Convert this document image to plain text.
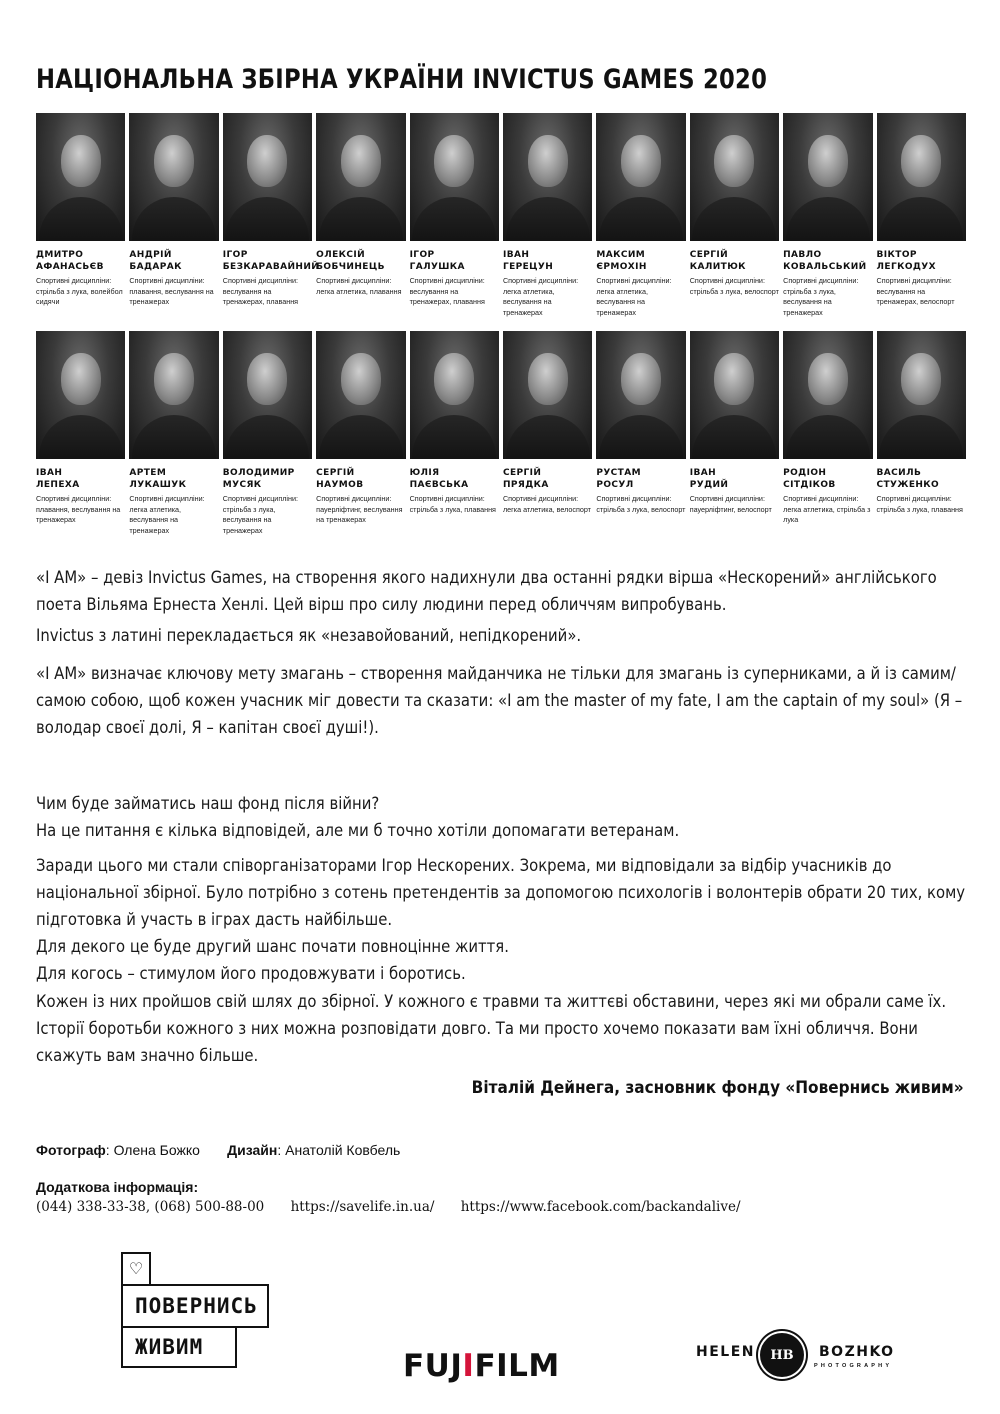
НАЦІОНАЛЬНА ЗБІРНА УКРАЇНИ INVICTUS GAMES 2020
ДМИТРО
АФАНАСЬЄВ
Спортивні дисципліни: стрільба з лука, волейбол сидячи
АНДРІЙ
БАДАРАК
Спортивні дисципліни: плавання, веслування на тренажерах
ІГОР
БЕЗКАРАВАЙНИЙ
Спортивні дисципліни: веслування на тренажерах, плавання
ОЛЕКСІЙ
БОБЧИНЕЦЬ
Спортивні дисципліни: легка атлетика, плавання
ІГОР
ГАЛУШКА
Спортивні дисципліни: веслування на тренажерах, плавання
ІВАН
ГЕРЕЦУН
Спортивні дисципліни: легка атлетика, веслування на тренажерах
МАКСИМ
ЄРМОХІН
Спортивні дисципліни: легка атлетика, веслування на тренажерах
СЕРГІЙ
КАЛИТЮК
Спортивні дисципліни: стрільба з лука, велоспорт
ПАВЛО
КОВАЛЬСЬКИЙ
Спортивні дисципліни: стрільба з лука, веслування на тренажерах
ВІКТОР
ЛЕГКОДУХ
Спортивні дисципліни: веслування на тренажерах, велоспорт
ІВАН
ЛЕПЕХА
Спортивні дисципліни: плавання, веслування на тренажерах
АРТЕМ
ЛУКАШУК
Спортивні дисципліни: легка атлетика, веслування на тренажерах
ВОЛОДИМИР
МУСЯК
Спортивні дисципліни: стрільба з лука, веслування на тренажерах
СЕРГІЙ
НАУМОВ
Спортивні дисципліни: пауерліфтинг, веслування на тренажерах
ЮЛІЯ
ПАЄВСЬКА
Спортивні дисципліни: стрільба з лука, плавання
СЕРГІЙ
ПРЯДКА
Спортивні дисципліни: легка атлетика, велоспорт
РУСТАМ
РОСУЛ
Спортивні дисципліни: стрільба з лука, велоспорт
ІВАН
РУДИЙ
Спортивні дисципліни: пауерліфтинг, велоспорт
РОДІОН
СІТДІКОВ
Спортивні дисципліни: легка атлетика, стрільба з лука
ВАСИЛЬ
СТУЖЕНКО
Спортивні дисципліни: стрільба з лука, плавання

«I AM» – девіз Invictus Games, на створення якого надихнули два останні рядки вірша «Нескорений» англійського поета Вільяма Ернеста Хенлі. Цей вірш про силу людини перед обличчям випробувань.

Invictus з латині перекладається як «незавойований, непідкорений».

«I AM» визначає ключову мету змагань – створення майданчика не тільки для змагань із суперниками, а й із самим/самою собою, щоб кожен учасник міг довести та сказати: «I am the master of my fate, I am the captain of my soul» (Я – володар своєї долі, Я – капітан своєї душі!).

Чим буде займатись наш фонд після війни?
На це питання є кілька відповідей, але ми б точно хотіли допомагати ветеранам.

Заради цього ми стали співорганізаторами Ігор Нескорених. Зокрема, ми відповідали за відбір учасників до національної збірної. Було потрібно з сотень претендентів за допомогою психологів і волонтерів обрати 20 тих, кому підготовка й участь в іграх дасть найбільше.
Для декого це буде другий шанс почати повноцінне життя.
Для когось – стимулом його продовжувати і боротись.

Кожен із них пройшов свій шлях до збірної. У кожного є травми та життєві обставини, через які ми обрали саме їх. Історії боротьби кожного з них можна розповідати довго. Та ми просто хочемо показати вам їхні обличчя. Вони скажуть вам значно більше.

Віталій Дейнега, засновник фонду «Повернись живим»

Фотограф: Олена Божко Дизайн: Анатолій Ковбель
Додаткова інформація:
(044) 338-33-38, (068) 500-88-00 https://savelife.in.ua/ https://www.facebook.com/backandalive/
♡
ПОВЕРНИСЬ
ЖИВИМ
FUJIFILM	HELEN	HB	BOZHKO
PHOTOGRAPHY
